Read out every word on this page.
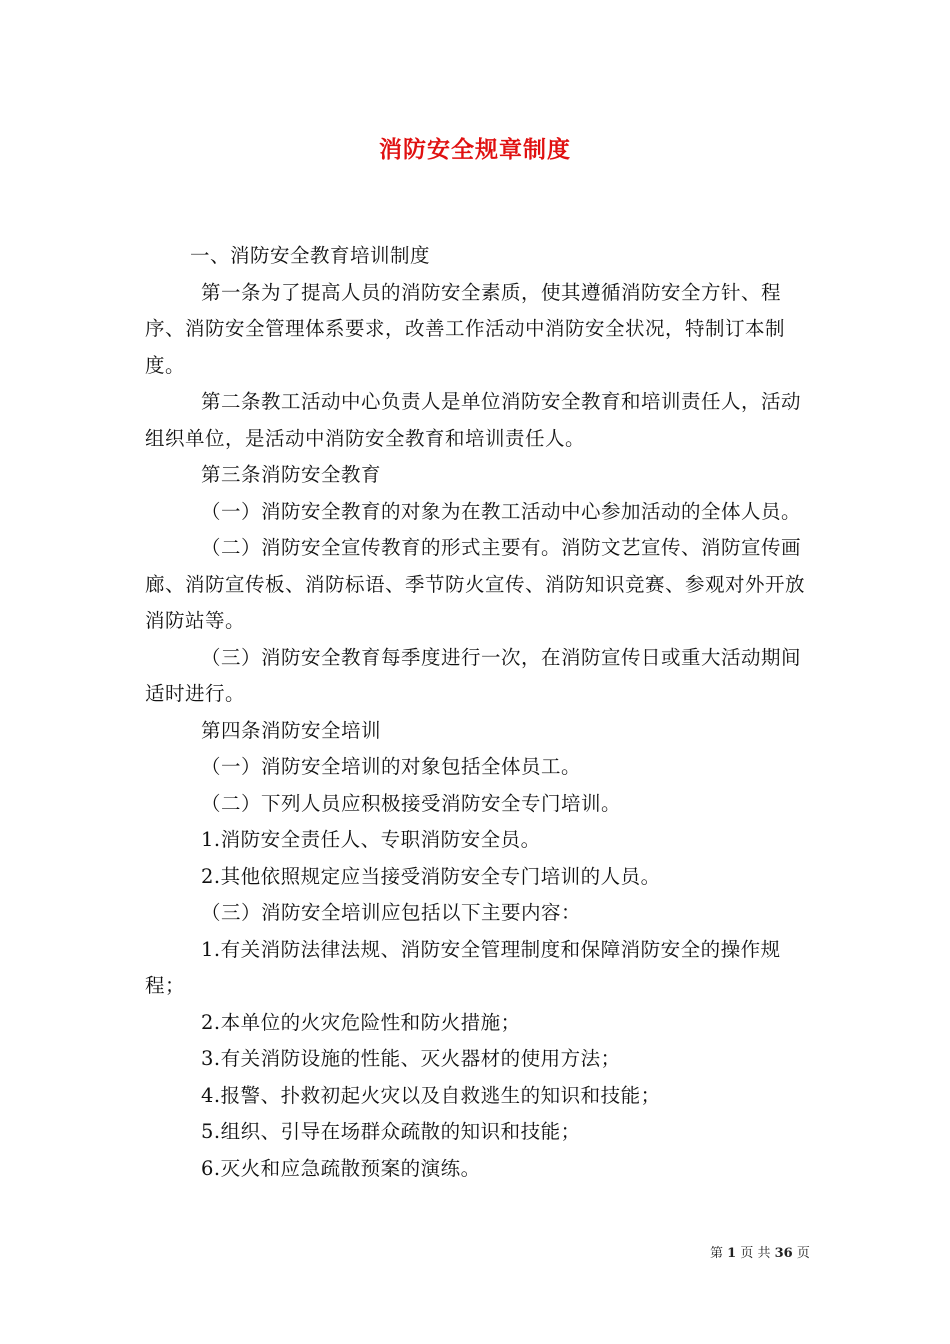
消防安全规章制度

一、消防安全教育培训制度

第一条为了提高人员的消防安全素质，使其遵循消防安全方针、程序、消防安全管理体系要求，改善工作活动中消防安全状况，特制订本制度。

第二条教工活动中心负责人是单位消防安全教育和培训责任人，活动组织单位，是活动中消防安全教育和培训责任人。

第三条消防安全教育

（一）消防安全教育的对象为在教工活动中心参加活动的全体人员。

（二）消防安全宣传教育的形式主要有。消防文艺宣传、消防宣传画廊、消防宣传板、消防标语、季节防火宣传、消防知识竞赛、参观对外开放消防站等。

（三）消防安全教育每季度进行一次，在消防宣传日或重大活动期间适时进行。

第四条消防安全培训

（一）消防安全培训的对象包括全体员工。

（二）下列人员应积极接受消防安全专门培训。

1.消防安全责任人、专职消防安全员。

2.其他依照规定应当接受消防安全专门培训的人员。

（三）消防安全培训应包括以下主要内容：

1.有关消防法律法规、消防安全管理制度和保障消防安全的操作规程；

2.本单位的火灾危险性和防火措施；

3.有关消防设施的性能、灭火器材的使用方法；

4.报警、扑救初起火灾以及自救逃生的知识和技能；

5.组织、引导在场群众疏散的知识和技能；

6.灭火和应急疏散预案的演练。

第 1 页 共 36 页
